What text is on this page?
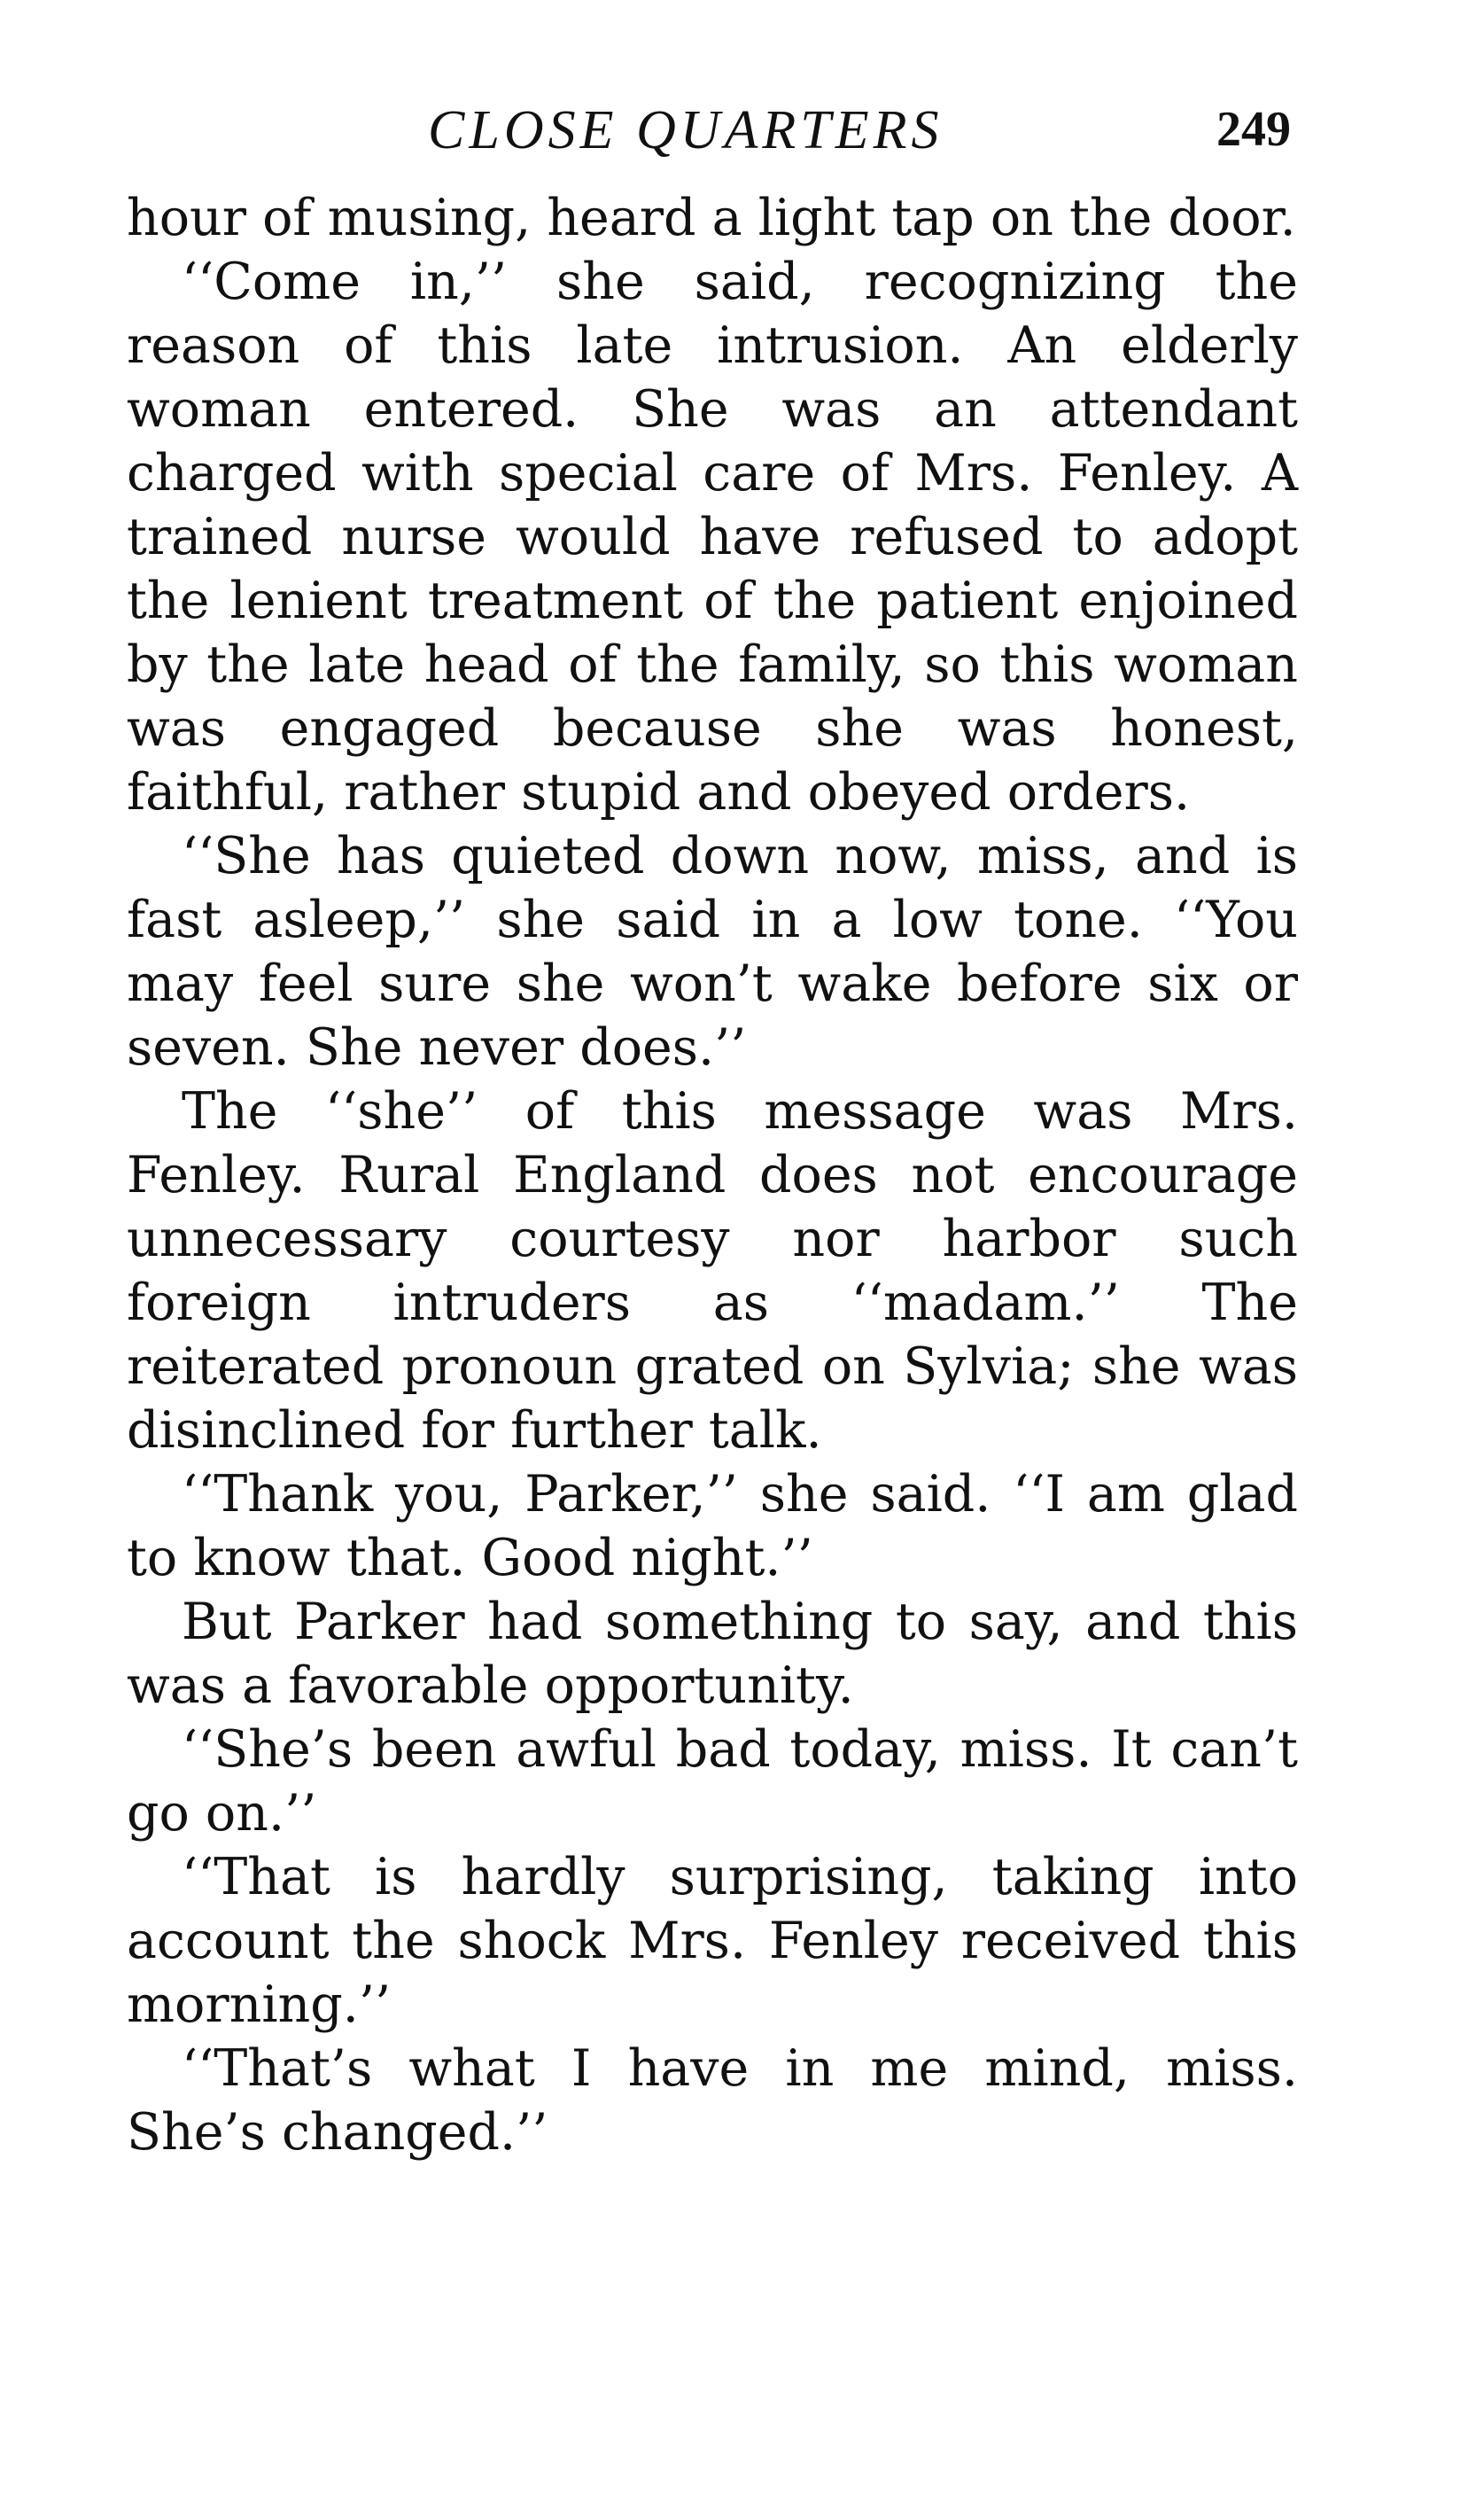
CLOSE QUARTERS	249

hour of musing, heard a light tap on the door.

‘‘Come in,’’ she said, recognizing the reason of this late intrusion. An elderly woman entered. She was an attendant charged with special care of Mrs. Fenley. A trained nurse would have refused to adopt the lenient treatment of the patient enjoined by the late head of the family, so this woman was engaged because she was honest, faithful, rather stupid and obeyed orders.

‘‘She has quieted down now, miss, and is fast asleep,’’ she said in a low tone. ‘‘You may feel sure she won’t wake before six or seven. She never does.’’

The ‘‘she’’ of this message was Mrs. Fenley. Rural England does not encourage unnecessary courtesy nor harbor such foreign intruders as ‘‘madam.’’ The reiterated pronoun grated on Sylvia; she was disinclined for further talk.

‘‘Thank you, Parker,’’ she said. ‘‘I am glad to know that. Good night.’’

But Parker had something to say, and this was a favorable opportunity.

‘‘She’s been awful bad today, miss. It can’t go on.’’

‘‘That is hardly surprising, taking into account the shock Mrs. Fenley received this morning.’’

‘‘That’s what I have in me mind, miss. She’s changed.’’
